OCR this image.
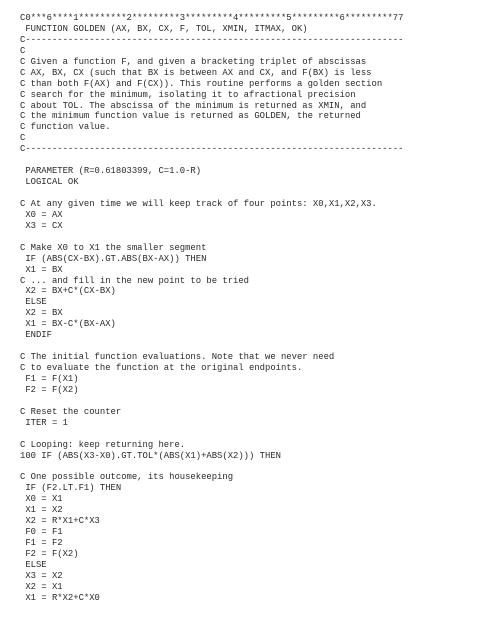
C0***6****1*********2*********3*********4*********5*********6*********77
FUNCTION GOLDEN (AX, BX, CX, F, TOL, XMIN, ITMAX, OK)
C-----------------------------------------------------------------------
C
C Given a function F, and given a bracketing triplet of abscissas
C AX, BX, CX (such that BX is between AX and CX, and F(BX) is less
C than both F(AX) and F(CX)). This routine performs a golden section
C search for the minimum, isolating it to afractional precision
C about TOL. The abscissa of the minimum is returned as XMIN, and
C the minimum function value is returned as GOLDEN, the returned
C function value.
C
C-----------------------------------------------------------------------

PARAMETER (R=0.61803399, C=1.0-R)
LOGICAL OK

C At any given time we will keep track of four points: X0,X1,X2,X3.
X0 = AX
X3 = CX

C Make X0 to X1 the smaller segment
IF (ABS(CX-BX).GT.ABS(BX-AX)) THEN
X1 = BX
C ... and fill in the new point to be tried
X2 = BX+C*(CX-BX)
ELSE
X2 = BX
X1 = BX-C*(BX-AX)
ENDIF

C The initial function evaluations. Note that we never need
C to evaluate the function at the original endpoints.
F1 = F(X1)
F2 = F(X2)

C Reset the counter
ITER = 1

C Looping: keep returning here.
100 IF (ABS(X3-X0).GT.TOL*(ABS(X1)+ABS(X2))) THEN

C One possible outcome, its housekeeping
IF (F2.LT.F1) THEN
X0 = X1
X1 = X2
X2 = R*X1+C*X3
F0 = F1
F1 = F2
F2 = F(X2)
ELSE
X3 = X2
X2 = X1
X1 = R*X2+C*X0
